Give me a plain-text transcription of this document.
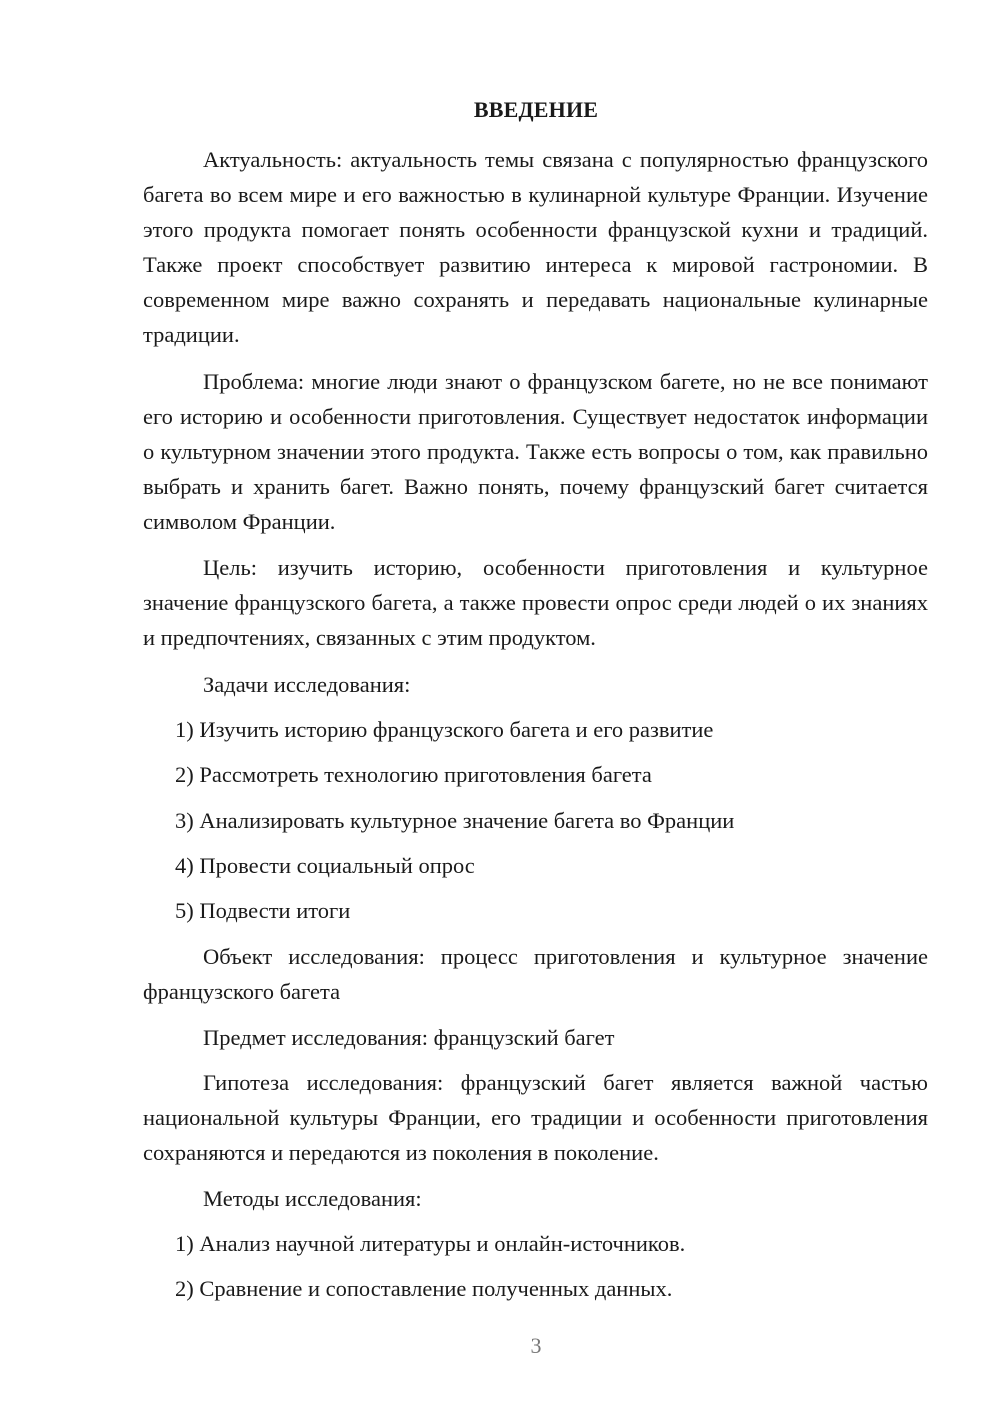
ВВЕДЕНИЕ

Актуальность: актуальность темы связана с популярностью французского багета во всем мире и его важностью в кулинарной культуре Франции. Изучение этого продукта помогает понять особенности французской кухни и традиций. Также проект способствует развитию интереса к мировой гастрономии. В современном мире важно сохранять и передавать национальные кулинарные традиции.

Проблема: многие люди знают о французском багете, но не все понимают его историю и особенности приготовления. Существует недостаток информации о культурном значении этого продукта. Также есть вопросы о том, как правильно выбрать и хранить багет. Важно понять, почему французский багет считается символом Франции.

Цель: изучить историю, особенности приготовления и культурное значение французского багета, а также провести опрос среди людей о их знаниях и предпочтениях, связанных с этим продуктом.

Задачи исследования:

1) Изучить историю французского багета и его развитие

2) Рассмотреть технологию приготовления багета

3) Анализировать культурное значение багета во Франции

4) Провести социальный опрос

5) Подвести итоги

Объект исследования: процесс приготовления и культурное значение французского багета

Предмет исследования: французский багет

Гипотеза исследования: французский багет является важной частью национальной культуры Франции, его традиции и особенности приготовления сохраняются и передаются из поколения в поколение.

Методы исследования:

1) Анализ научной литературы и онлайн-источников.

2) Сравнение и сопоставление полученных данных.

3
